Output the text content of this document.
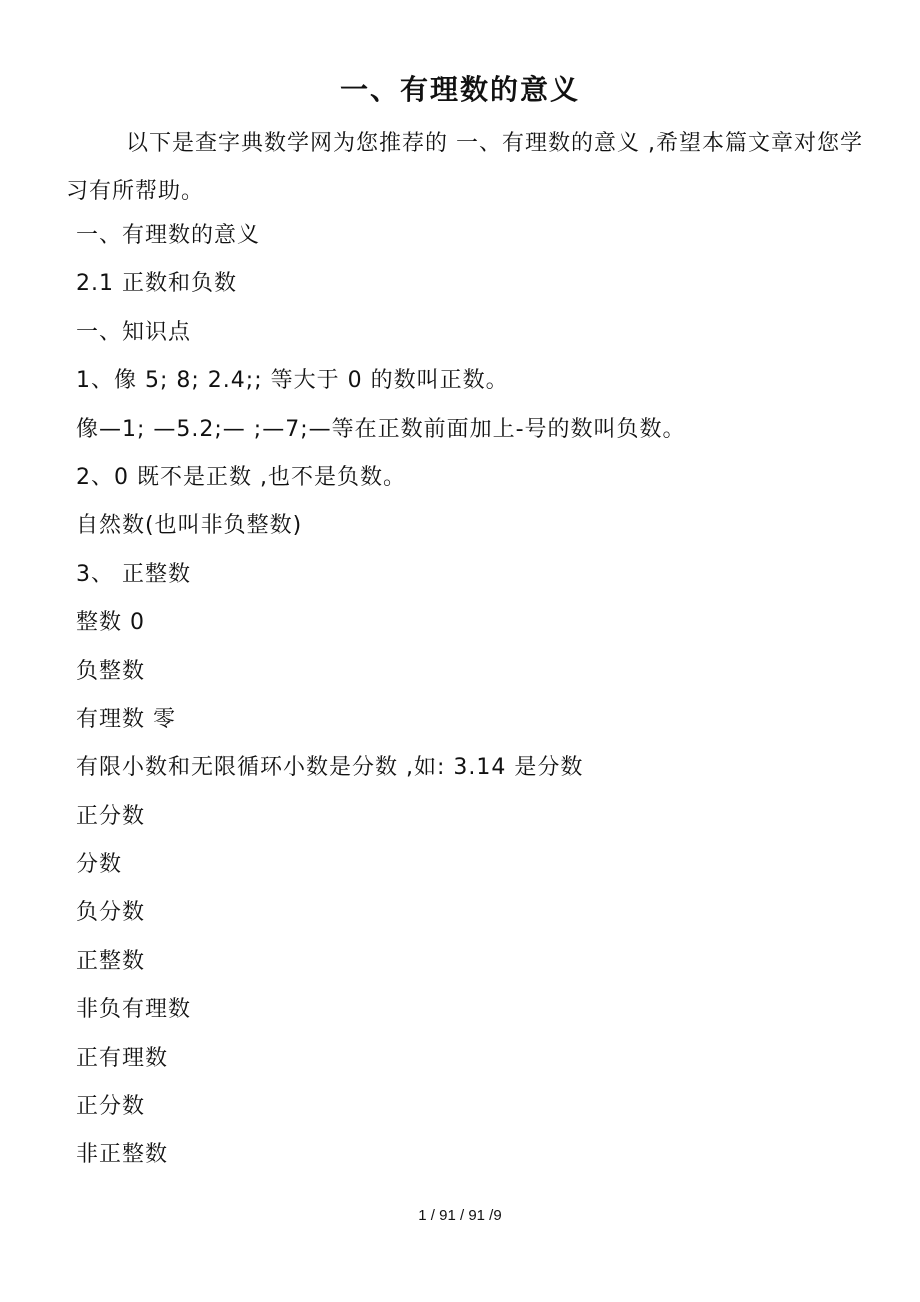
一、有理数的意义
以下是查字典数学网为您推荐的 一、有理数的意义 ,希望本篇文章对您学习有所帮助。
一、有理数的意义
2.1 正数和负数
一、知识点
1、像 5; 8; 2.4;; 等大于 0 的数叫正数。
像—1; —5.2;— ;—7;—等在正数前面加上-号的数叫负数。
2、0 既不是正数 ,也不是负数。
自然数(也叫非负整数)
3、 正整数
整数 0
负整数
有理数 零
有限小数和无限循环小数是分数 ,如: 3.14 是分数
正分数
分数
负分数
正整数
非负有理数
正有理数
正分数
非正整数
1 / 91 / 91 /9
